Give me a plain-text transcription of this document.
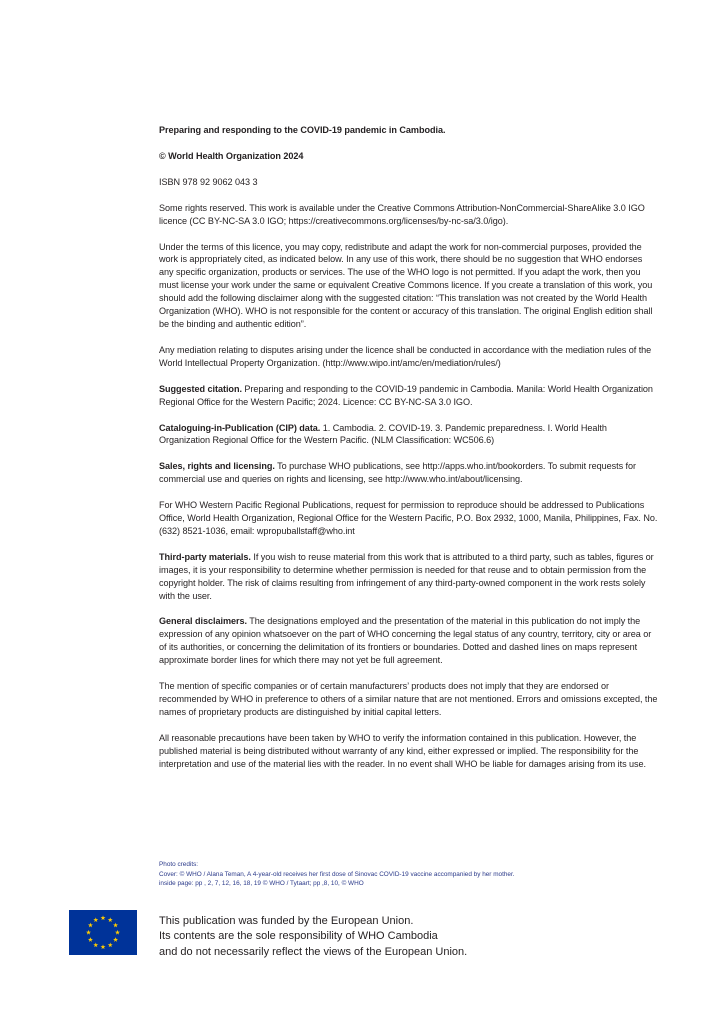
Preparing and responding to the COVID-19 pandemic in Cambodia.

© World Health Organization 2024

ISBN 978 92 9062 043 3

Some rights reserved. This work is available under the Creative Commons Attribution-NonCommercial-ShareAlike 3.0 IGO licence (CC BY-NC-SA 3.0 IGO; https://creativecommons.org/licenses/by-nc-sa/3.0/igo).

Under the terms of this licence, you may copy, redistribute and adapt the work for non-commercial purposes, provided the work is appropriately cited, as indicated below. In any use of this work, there should be no suggestion that WHO endorses any specific organization, products or services. The use of the WHO logo is not permitted. If you adapt the work, then you must license your work under the same or equivalent Creative Commons licence. If you create a translation of this work, you should add the following disclaimer along with the suggested citation: “This translation was not created by the World Health Organization (WHO). WHO is not responsible for the content or accuracy of this translation. The original English edition shall be the binding and authentic edition”.

Any mediation relating to disputes arising under the licence shall be conducted in accordance with the mediation rules of the World Intellectual Property Organization. (http://www.wipo.int/amc/en/mediation/rules/)

Suggested citation. Preparing and responding to the COVID-19 pandemic in Cambodia. Manila: World Health Organization Regional Office for the Western Pacific; 2024. Licence: CC BY-NC-SA 3.0 IGO.

Cataloguing-in-Publication (CIP) data. 1. Cambodia. 2. COVID-19. 3. Pandemic preparedness. I. World Health Organization Regional Office for the Western Pacific. (NLM Classification: WC506.6)

Sales, rights and licensing. To purchase WHO publications, see http://apps.who.int/bookorders. To submit requests for commercial use and queries on rights and licensing, see http://www.who.int/about/licensing.

For WHO Western Pacific Regional Publications, request for permission to reproduce should be addressed to Publications Office, World Health Organization, Regional Office for the Western Pacific, P.O. Box 2932, 1000, Manila, Philippines, Fax. No. (632) 8521-1036, email: wpropuballstaff@who.int

Third-party materials. If you wish to reuse material from this work that is attributed to a third party, such as tables, figures or images, it is your responsibility to determine whether permission is needed for that reuse and to obtain permission from the copyright holder. The risk of claims resulting from infringement of any third-party-owned component in the work rests solely with the user.

General disclaimers. The designations employed and the presentation of the material in this publication do not imply the expression of any opinion whatsoever on the part of WHO concerning the legal status of any country, territory, city or area or of its authorities, or concerning the delimitation of its frontiers or boundaries. Dotted and dashed lines on maps represent approximate border lines for which there may not yet be full agreement.

The mention of specific companies or of certain manufacturers’ products does not imply that they are endorsed or recommended by WHO in preference to others of a similar nature that are not mentioned. Errors and omissions excepted, the names of proprietary products are distinguished by initial capital letters.

All reasonable precautions have been taken by WHO to verify the information contained in this publication. However, the published material is being distributed without warranty of any kind, either expressed or implied. The responsibility for the interpretation and use of the material lies with the reader. In no event shall WHO be liable for damages arising from its use.

Photo credits:
Cover: © WHO / Alana Teman, A 4-year-old receives her first dose of Sinovac COVID-19 vaccine accompanied by her mother.
inside page: pp , 2, 7, 12, 16, 18, 19 © WHO / Tytaart; pp ,8, 10, © WHO
This publication was funded by the European Union.
Its contents are the sole responsibility of WHO Cambodia
and do not necessarily reflect the views of the European Union.
